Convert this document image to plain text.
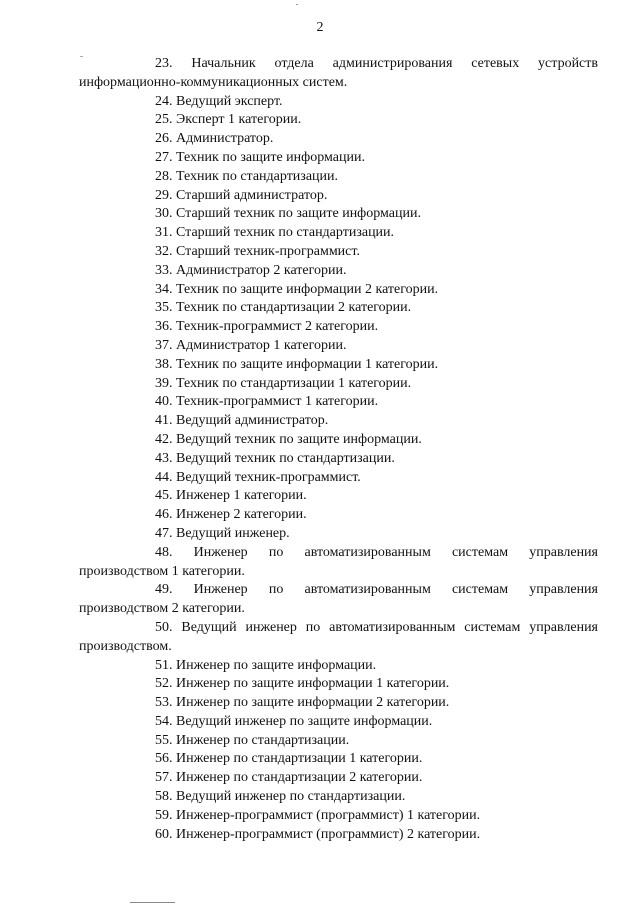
2

23. Начальник отдела администрирования сетевых устройств информационно-коммуникационных систем.

24. Ведущий эксперт.

25. Эксперт 1 категории.

26. Администратор.

27. Техник по защите информации.

28. Техник по стандартизации.

29. Старший администратор.

30. Старший техник по защите информации.

31. Старший техник по стандартизации.

32. Старший техник-программист.

33. Администратор 2 категории.

34. Техник по защите информации 2 категории.

35. Техник по стандартизации 2 категории.

36. Техник-программист 2 категории.

37. Администратор 1 категории.

38. Техник по защите информации 1 категории.

39. Техник по стандартизации 1 категории.

40. Техник-программист 1 категории.

41. Ведущий администратор.

42. Ведущий техник по защите информации.

43. Ведущий техник по стандартизации.

44. Ведущий техник-программист.

45. Инженер 1 категории.

46. Инженер 2 категории.

47. Ведущий инженер.

48. Инженер по автоматизированным системам управления производством 1 категории.

49. Инженер по автоматизированным системам управления производством 2 категории.

50. Ведущий инженер по автоматизированным системам управления производством.

51. Инженер по защите информации.

52. Инженер по защите информации 1 категории.

53. Инженер по защите информации 2 категории.

54. Ведущий инженер по защите информации.

55. Инженер по стандартизации.

56. Инженер по стандартизации 1 категории.

57. Инженер по стандартизации 2 категории.

58. Ведущий инженер по стандартизации.

59. Инженер-программист (программист) 1 категории.

60. Инженер-программист (программист) 2 категории.
